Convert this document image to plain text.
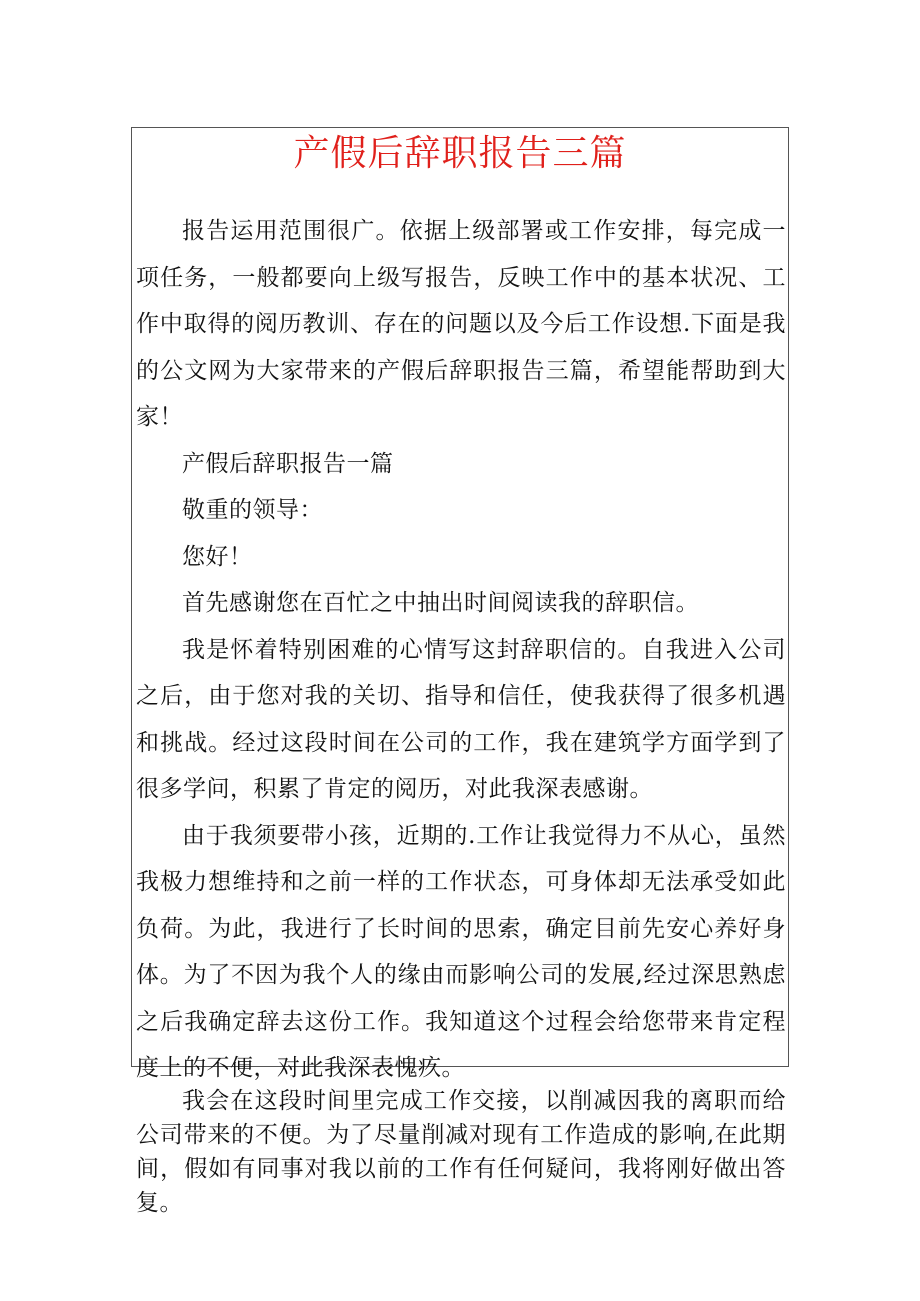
产假后辞职报告三篇

报告运用范围很广。依据上级部署或工作安排，每完成一项任务，一般都要向上级写报告，反映工作中的基本状况、工作中取得的阅历教训、存在的问题以及今后工作设想.下面是我的公文网为大家带来的产假后辞职报告三篇，希望能帮助到大家！

产假后辞职报告一篇

敬重的领导：

您好！

首先感谢您在百忙之中抽出时间阅读我的辞职信。

我是怀着特别困难的心情写这封辞职信的。自我进入公司之后，由于您对我的关切、指导和信任，使我获得了很多机遇和挑战。经过这段时间在公司的工作，我在建筑学方面学到了很多学问，积累了肯定的阅历，对此我深表感谢。

由于我须要带小孩，近期的.工作让我觉得力不从心，虽然我极力想维持和之前一样的工作状态，可身体却无法承受如此负荷。为此，我进行了长时间的思索，确定目前先安心养好身体。为了不因为我个人的缘由而影响公司的发展,经过深思熟虑之后我确定辞去这份工作。我知道这个过程会给您带来肯定程度上的不便，对此我深表愧疚。

我会在这段时间里完成工作交接，以削减因我的离职而给公司带来的不便。为了尽量削减对现有工作造成的影响,在此期间，假如有同事对我以前的工作有任何疑问，我将刚好做出答复。
